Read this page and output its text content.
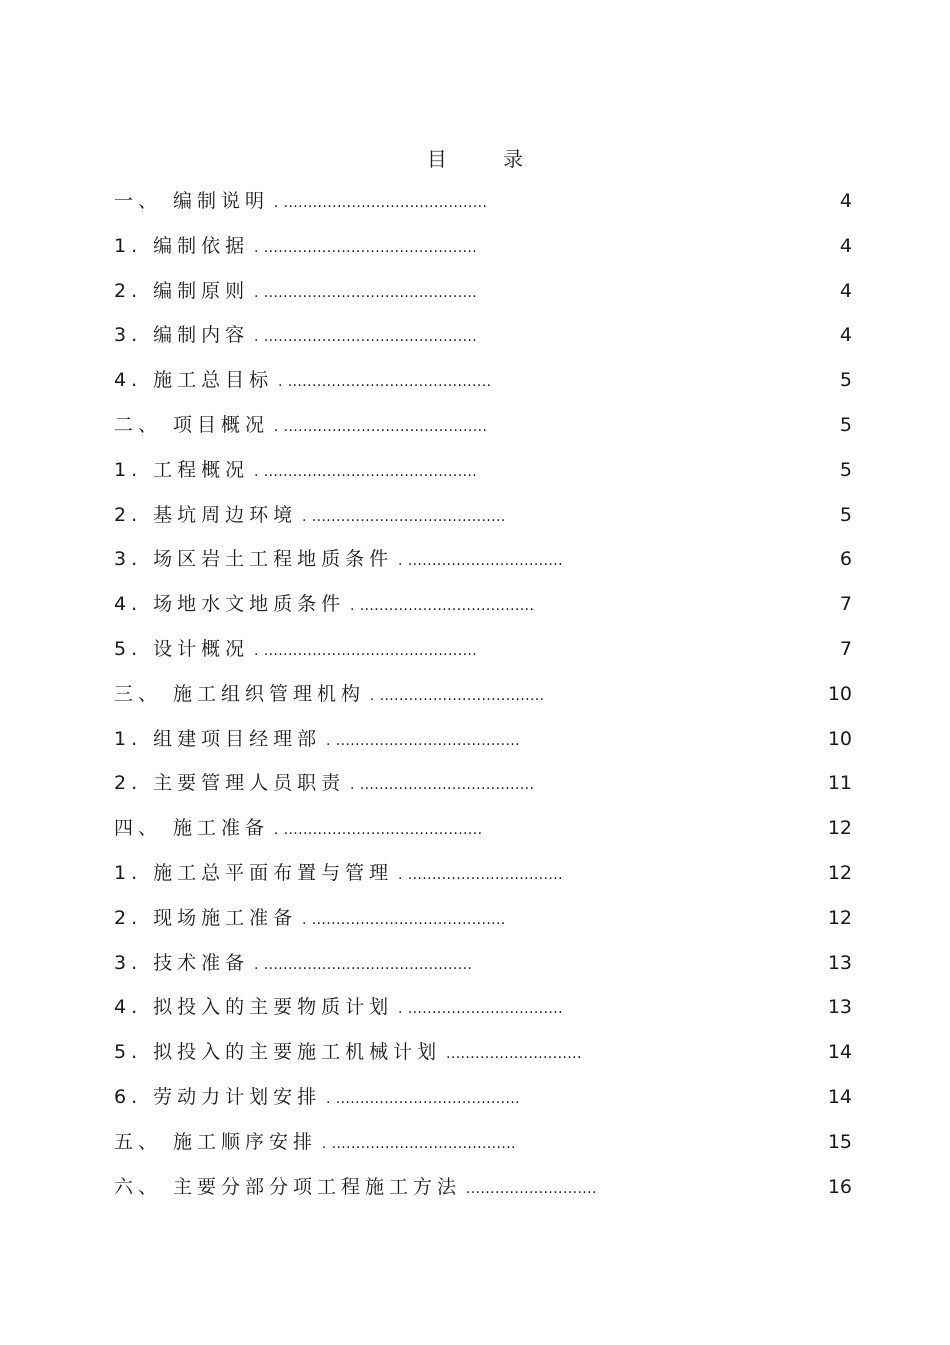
目	录
一、 编制说明 . ..........................................	4
1. 编制依据 . ............................................	4
2. 编制原则 . ............................................	4
3. 编制内容 . ............................................	4
4. 施工总目标 . ..........................................	5
二、 项目概况 . ..........................................	5
1. 工程概况 . ............................................	5
2. 基坑周边环境 . ........................................	5
3. 场区岩土工程地质条件 . ................................	6
4. 场地水文地质条件 . ....................................	7
5. 设计概况 . ............................................	7
三、 施工组织管理机构 . ..................................	10
1. 组建项目经理部 . ......................................	10
2. 主要管理人员职责 . ....................................	11
四、 施工准备 . .........................................	12
1. 施工总平面布置与管理 . ................................	12
2. 现场施工准备 . ........................................	12
3. 技术准备 . ...........................................	13
4. 拟投入的主要物质计划 . ................................	13
5. 拟投入的主要施工机械计划 ............................	14
6. 劳动力计划安排 . ......................................	14
五、 施工顺序安排 . ......................................	15
六、 主要分部分项工程施工方法 ...........................	16
